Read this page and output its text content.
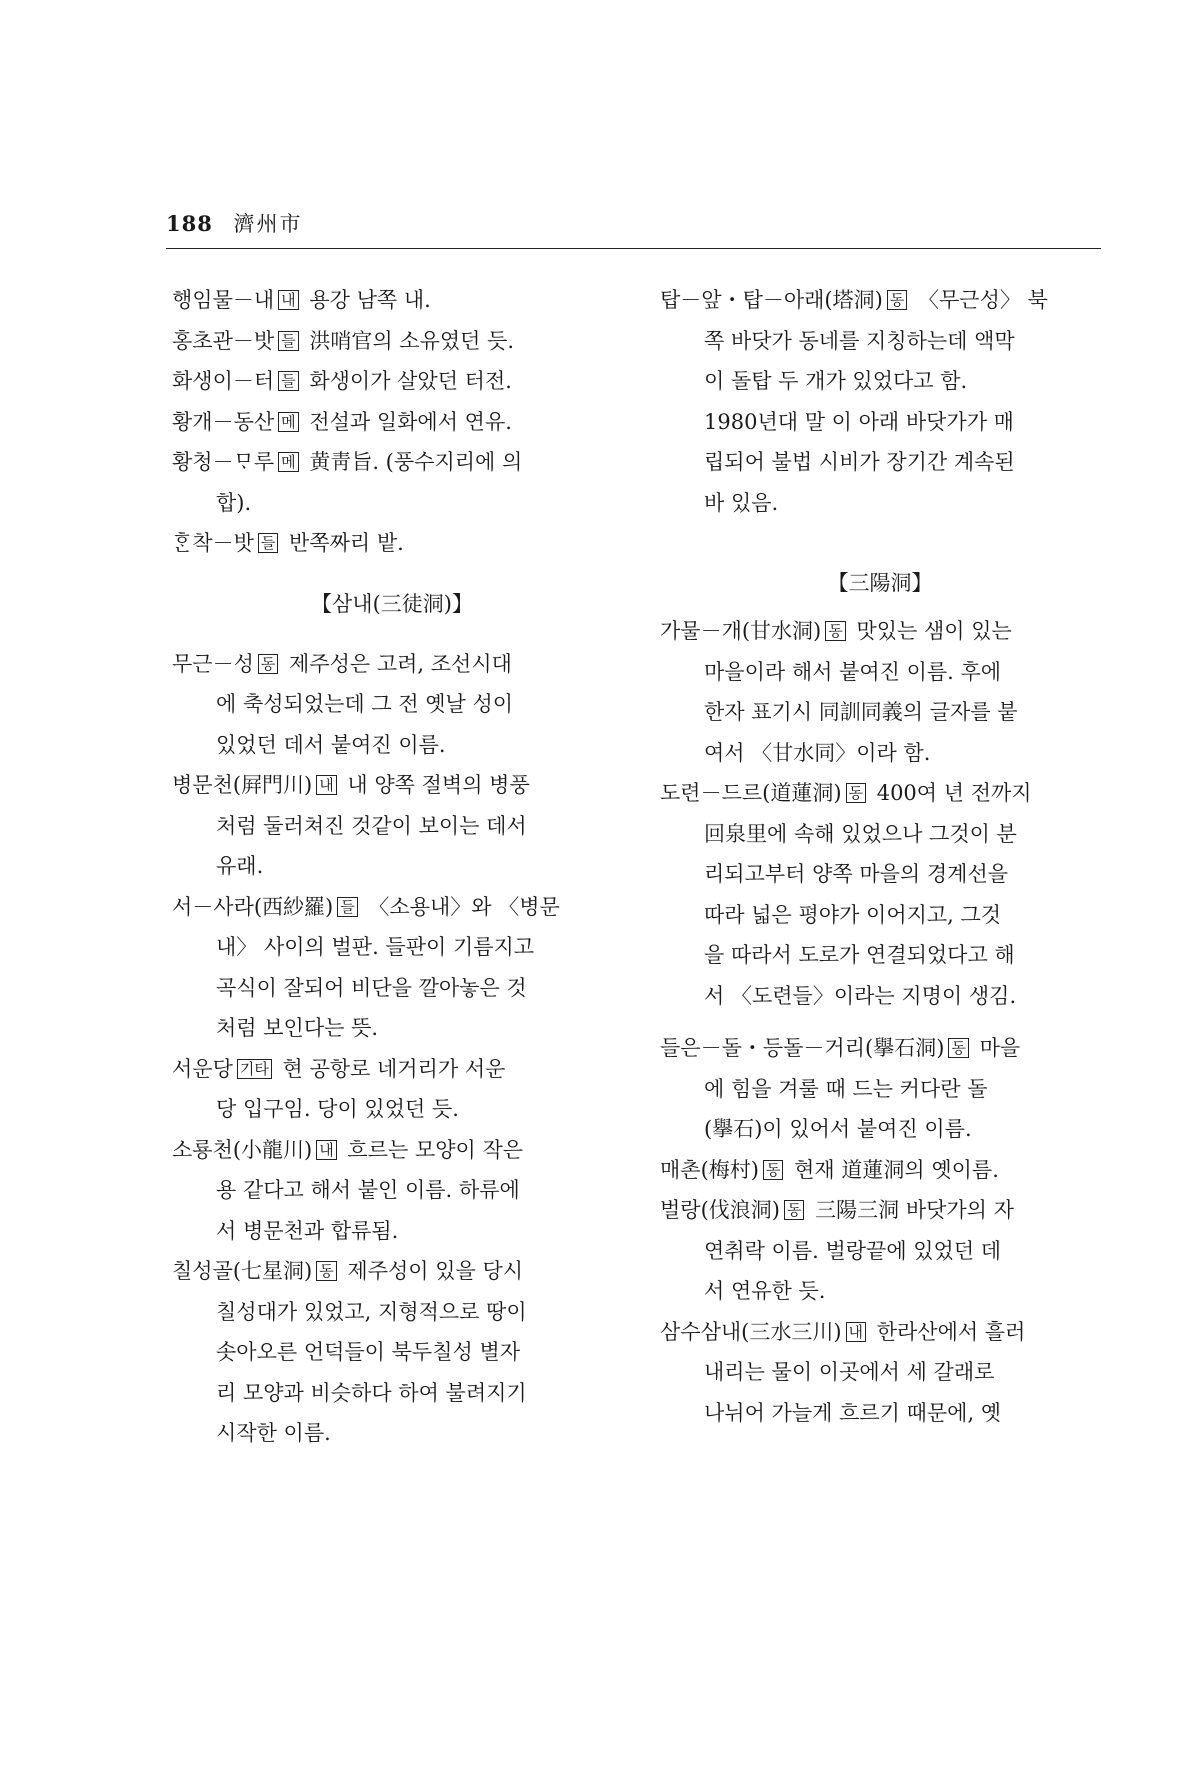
188 濟州市
행임물－내 내 용강 남쪽 내.
홍초관－밧 들 洪哨官의 소유였던 듯.
화생이－터 들 화생이가 살았던 터전.
황개－동산 메 전설과 일화에서 연유.
황청－ᄆᆞ루 메 黄靑旨. (풍수지리에 의
합).
ᄒᆞᆫ착－밧 들 반쪽짜리 밭.
【삼내(三徒洞)】
무근－성 동 제주성은 고려, 조선시대
에 축성되었는데 그 전 옛날 성이
있었던 데서 붙여진 이름.
병문천(屛門川) 내 내 양쪽 절벽의 병풍
처럼 둘러쳐진 것같이 보이는 데서
유래.
서－사라(西紗羅) 들 〈소용내〉와 〈병문
내〉 사이의 벌판. 들판이 기름지고
곡식이 잘되어 비단을 깔아놓은 것
처럼 보인다는 뜻.
서운당 기타 현 공항로 네거리가 서운
당 입구임. 당이 있었던 듯.
소룡천(小龍川) 내 흐르는 모양이 작은
용 같다고 해서 붙인 이름. 하류에
서 병문천과 합류됨.
칠성골(七星洞) 동 제주성이 있을 당시
칠성대가 있었고, 지형적으로 땅이
솟아오른 언덕들이 북두칠성 별자
리 모양과 비슷하다 하여 불려지기
시작한 이름.
탑－앞・탑－아래(塔洞) 동 〈무근성〉 북
쪽 바닷가 동네를 지칭하는데 액막
이 돌탑 두 개가 있었다고 함.
1980년대 말 이 아래 바닷가가 매
립되어 불법 시비가 장기간 계속된
바 있음.
【三陽洞】
가물－개(甘水洞) 동 맛있는 샘이 있는
마을이라 해서 붙여진 이름. 후에
한자 표기시 同訓同義의 글자를 붙
여서 〈甘水同〉이라 함.
도련－드르(道蓮洞) 동 400여 년 전까지
回泉里에 속해 있었으나 그것이 분
리되고부터 양쪽 마을의 경계선을
따라 넓은 평야가 이어지고, 그것
을 따라서 도로가 연결되었다고 해
서 〈도련들〉이라는 지명이 생김.
들은－돌・등돌－거리(擧石洞) 동 마을
에 힘을 겨룰 때 드는 커다란 돌
(擧石)이 있어서 붙여진 이름.
매촌(梅村) 동 현재 道蓮洞의 옛이름.
벌랑(伐浪洞) 동 三陽三洞 바닷가의 자
연취락 이름. 벌랑끝에 있었던 데
서 연유한 듯.
삼수삼내(三水三川) 내 한라산에서 흘러
내리는 물이 이곳에서 세 갈래로
나뉘어 가늘게 흐르기 때문에, 옛
